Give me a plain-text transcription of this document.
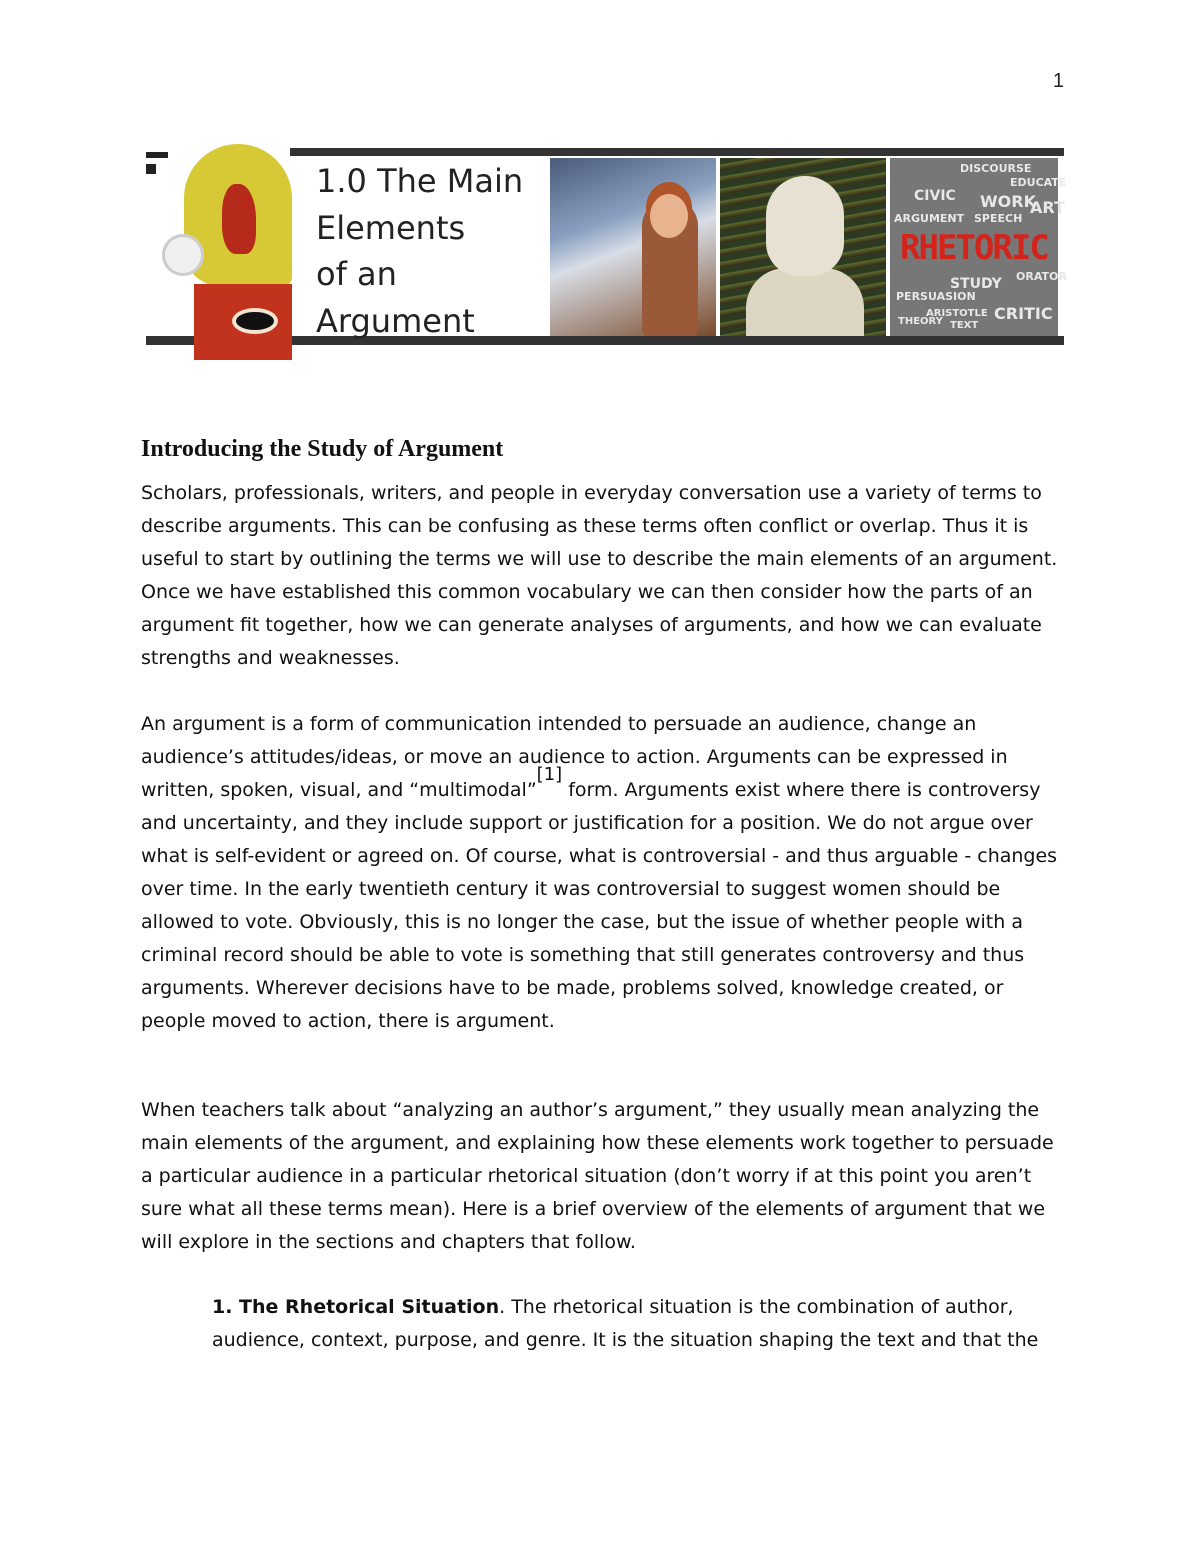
1
1.0 The Main
Elements
of an
Argument
DISCOURSE
EDUCATE
CIVIC WORK
ART
ARGUMENT SPEECH
RHETORIC
ORATOR
STUDY
PERSUASION
CRITIC
ARISTOTLE
THEORY TEXT
Introducing the Study of Argument

Scholars, professionals, writers, and people in everyday conversation use a variety of terms to describe arguments. This can be confusing as these terms often conflict or overlap. Thus it is useful to start by outlining the terms we will use to describe the main elements of an argument. Once we have established this common vocabulary we can then consider how the parts of an argument fit together, how we can generate analyses of arguments, and how we can evaluate strengths and weaknesses.

An argument is a form of communication intended to persuade an audience, change an audience’s attitudes/ideas, or move an audience to action. Arguments can be expressed in written, spoken, visual, and “multimodal”[1] form. Arguments exist where there is controversy and uncertainty, and they include support or justification for a position. We do not argue over what is self-evident or agreed on. Of course, what is controversial - and thus arguable - changes over time. In the early twentieth century it was controversial to suggest women should be allowed to vote. Obviously, this is no longer the case, but the issue of whether people with a criminal record should be able to vote is something that still generates controversy and thus arguments. Wherever decisions have to be made, problems solved, knowledge created, or people moved to action, there is argument.

When teachers talk about “analyzing an author’s argument,” they usually mean analyzing the main elements of the argument, and explaining how these elements work together to persuade a particular audience in a particular rhetorical situation (don’t worry if at this point you aren’t sure what all these terms mean). Here is a brief overview of the elements of argument that we will explore in the sections and chapters that follow.

1. The Rhetorical Situation. The rhetorical situation is the combination of author, audience, context, purpose, and genre. It is the situation shaping the text and that the
